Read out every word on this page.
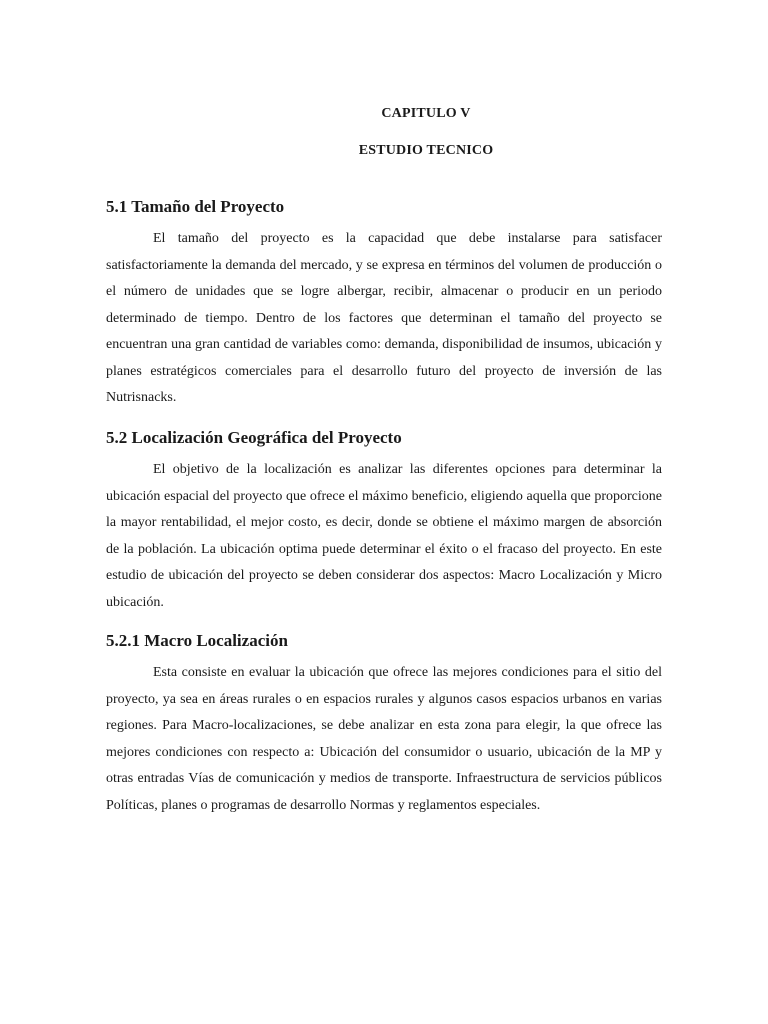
CAPITULO V
ESTUDIO TECNICO
5.1 Tamaño del Proyecto

El tamaño del proyecto es la capacidad que debe instalarse para satisfacer satisfactoriamente la demanda del mercado, y se expresa en términos del volumen de producción o el número de unidades que se logre albergar, recibir, almacenar o producir en un periodo determinado de tiempo. Dentro de los factores que determinan el tamaño del proyecto se encuentran una gran cantidad de variables como: demanda, disponibilidad de insumos, ubicación y planes estratégicos comerciales para el desarrollo futuro del proyecto de inversión de las Nutrisnacks.

5.2 Localización Geográfica del Proyecto

El objetivo de la localización es analizar las diferentes opciones para determinar la ubicación espacial del proyecto que ofrece el máximo beneficio, eligiendo aquella que proporcione la mayor rentabilidad, el mejor costo, es decir, donde se obtiene el máximo margen de absorción de la población. La ubicación optima puede determinar el éxito o el fracaso del proyecto. En este estudio de ubicación del proyecto se deben considerar dos aspectos: Macro Localización y Micro ubicación.

5.2.1 Macro Localización

Esta consiste en evaluar la ubicación que ofrece las mejores condiciones para el sitio del proyecto, ya sea en áreas rurales o en espacios rurales y algunos casos espacios urbanos en varias regiones. Para Macro-localizaciones, se debe analizar en esta zona para elegir, la que ofrece las mejores condiciones con respecto a: Ubicación del consumidor o usuario, ubicación de la MP y otras entradas Vías de comunicación y medios de transporte. Infraestructura de servicios públicos Políticas, planes o programas de desarrollo Normas y reglamentos especiales.
